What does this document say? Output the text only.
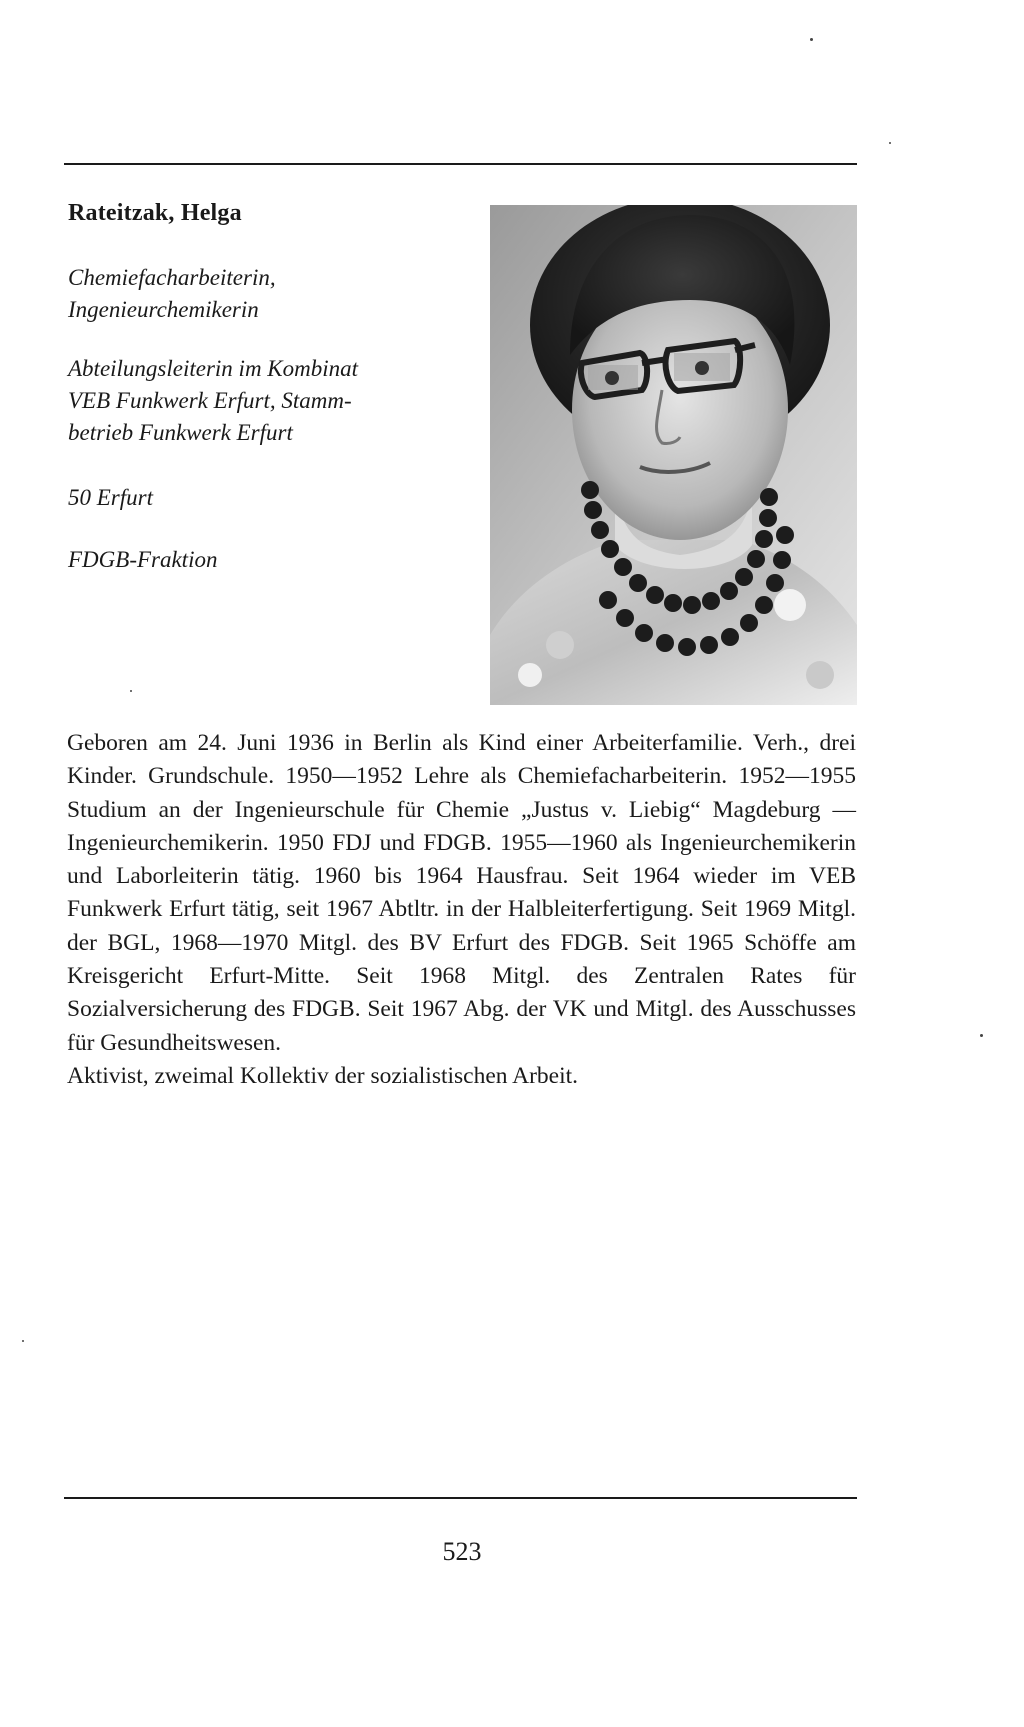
Rateitzak, Helga
Chemiefacharbeiterin,
Ingenieurchemikerin
Abteilungsleiterin im Kombinat
VEB Funkwerk Erfurt, Stamm-
betrieb Funkwerk Erfurt
50 Erfurt
FDGB-Fraktion

Geboren am 24. Juni 1936 in Berlin als Kind einer Arbeiterfamilie. Verh., drei Kinder. Grundschule. 1950—1952 Lehre als Chemiefacharbeiterin. 1952—1955 Studium an der Ingenieurschule für Chemie „Justus v. Liebig“ Magdeburg — Ingenieurchemikerin. 1950 FDJ und FDGB. 1955—1960 als Ingenieurchemikerin und Laborleiterin tätig. 1960 bis 1964 Hausfrau. Seit 1964 wieder im VEB Funkwerk Erfurt tätig, seit 1967 Abtltr. in der Halbleiterfertigung. Seit 1969 Mitgl. der BGL, 1968—1970 Mitgl. des BV Erfurt des FDGB. Seit 1965 Schöffe am Kreisgericht Erfurt-Mitte. Seit 1968 Mitgl. des Zentralen Rates für Sozialversicherung des FDGB. Seit 1967 Abg. der VK und Mitgl. des Ausschusses für Gesundheitswesen.

Aktivist, zweimal Kollektiv der sozialistischen Arbeit.

523
